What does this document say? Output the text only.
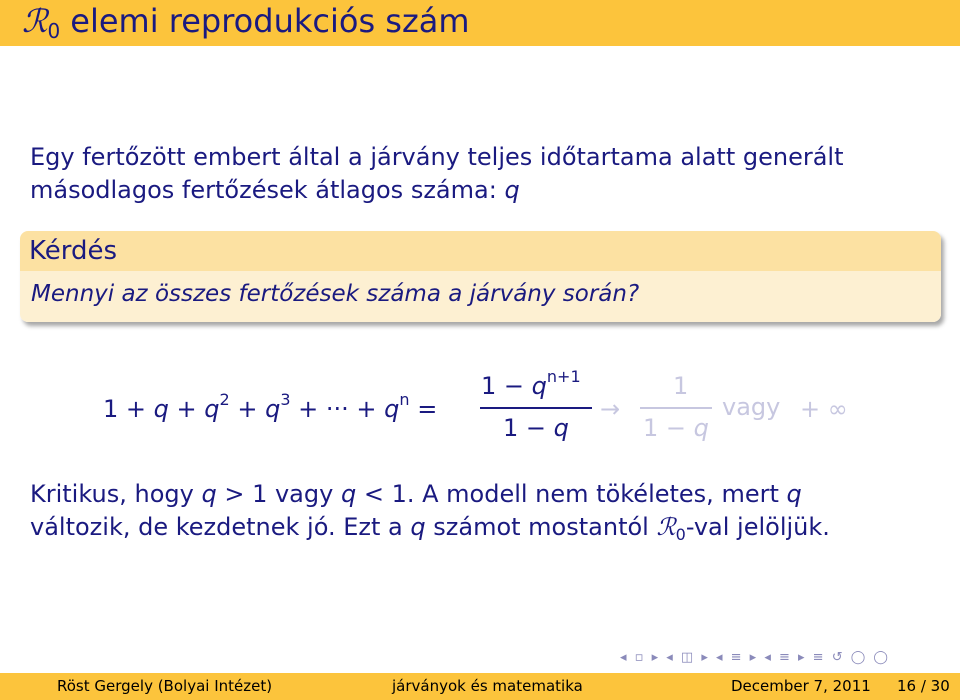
ℛ0 elemi reprodukciós szám
Egy fertőzött embert által a járvány teljes időtartama alatt generált
másodlagos fertőzések átlagos száma: q
Kérdés
Mennyi az összes fertőzések száma a járvány során?
$1 + q + q^2 + q^3$ + ··· + $q^n$ =
$1 - q^{n+1}$
1 − q
→
1
1 − q
vagy + ∞
Kritikus, hogy q > 1 vagy q < 1. A modell nem tökéletes, mert q
változik, de kezdetnek jó. Ezt a q számot mostantól ℛ$_0$-val jelöljük.
◂ ▫ ▸ ◂ ◫ ▸ ◂ ≡ ▸ ◂ ≡ ▸ ≡ ↺ ◯ ◯
Röst Gergely (Bolyai Intézet)	járványok és matematika	December 7, 2011 16 / 30
